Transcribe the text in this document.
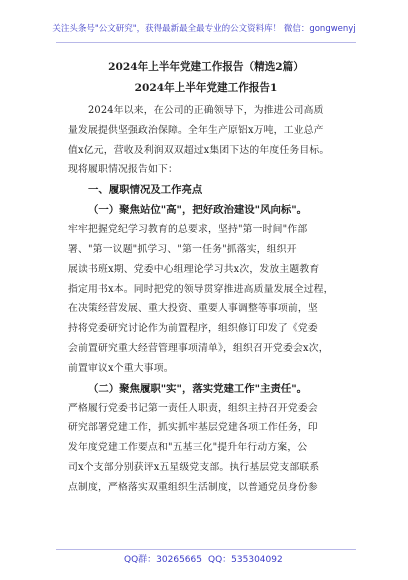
关注头条号"公文研究"，获得最新最全最专业的公文资料库！ 微信：gongwenyj
2024年上半年党建工作报告（精选2篇）
2024年上半年党建工作报告1
2024年以来，在公司的正确领导下，为推进公司高质
量发展提供坚强政治保障。全年生产原铝x万吨，工业总产
值x亿元，营收及利润双双超过x集团下达的年度任务目标。
现将履职情况报告如下：
一、履职情况及工作亮点
（一）聚焦站位"高"，把好政治建设"风向标"。
牢牢把握党纪学习教育的总要求，坚持"第一时间"作部
署、"第一议题"抓学习、"第一任务"抓落实，组织开
展读书班x期、党委中心组理论学习共x次，发放主题教育
指定用书x本。同时把党的领导贯穿推进高质量发展全过程，
在决策经营发展、重大投资、重要人事调整等事项前，坚
持将党委研究讨论作为前置程序，组织修订印发了《党委
会前置研究重大经营管理事项清单》，组织召开党委会x次，
前置审议x个重大事项。
（二）聚焦履职"实"，落实党建工作"主责任"。
严格履行党委书记第一责任人职责，组织主持召开党委会
研究部署党建工作，抓实抓牢基层党建各项工作任务，印
发年度党建工作要点和"五基三化"提升年行动方案，公
司x个支部分别获评x五星级党支部。执行基层党支部联系
点制度，严格落实双重组织生活制度，以普通党员身份参
QQ群：30265665 QQ：535304092
